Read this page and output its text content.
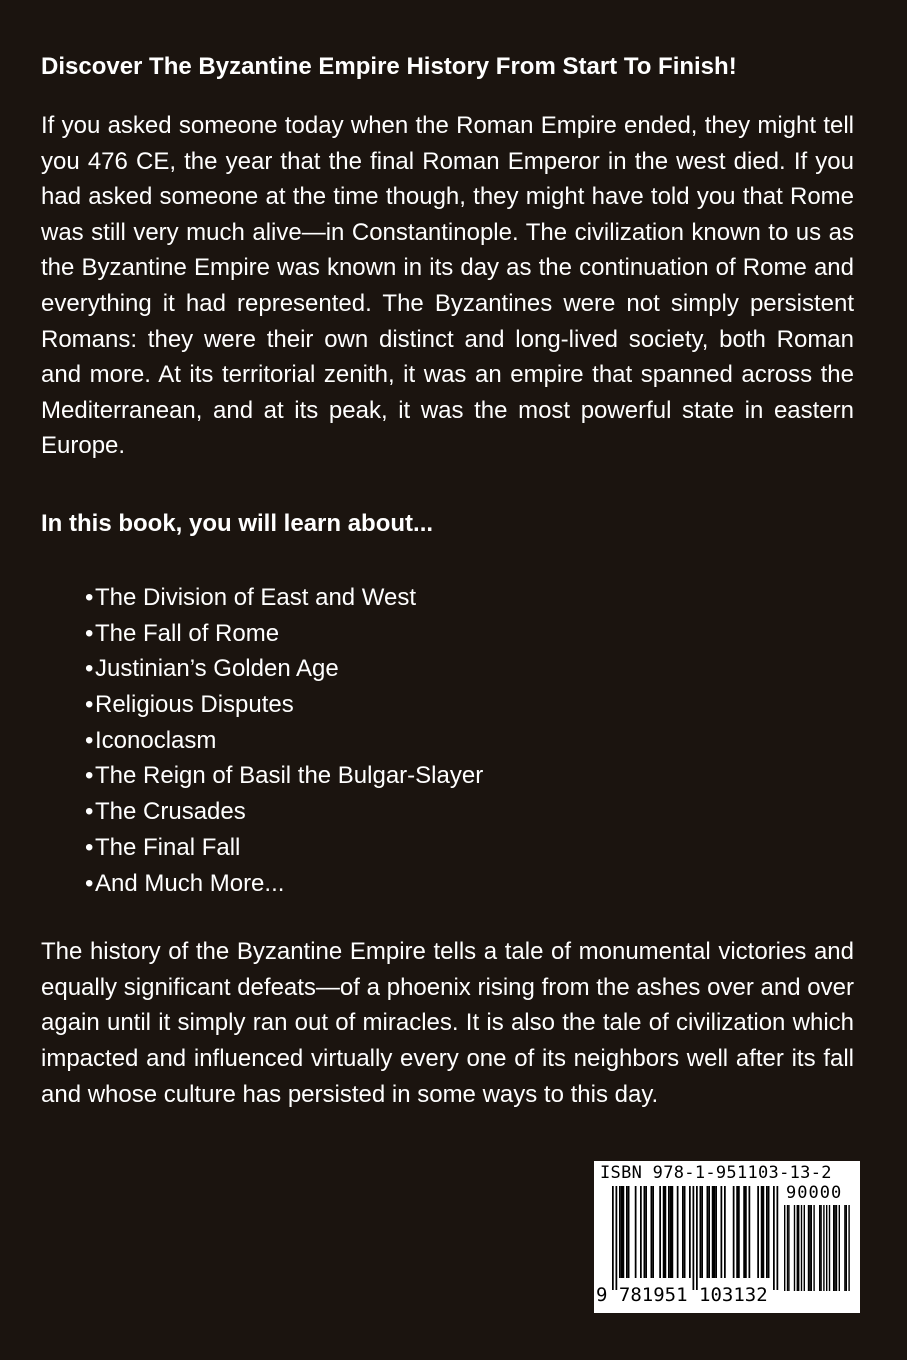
Discover The Byzantine Empire History From Start To Finish!

If you asked someone today when the Roman Empire ended, they might tell you 476 CE, the year that the final Roman Emperor in the west died. If you had asked someone at the time though, they might have told you that Rome was still very much alive—in Constantinople. The civilization known to us as the Byzantine Empire was known in its day as the continuation of Rome and everything it had represented. The Byzantines were not simply persistent Romans: they were their own distinct and long-lived society, both Roman and more. At its territorial zenith, it was an empire that spanned across the Mediterranean, and at its peak, it was the most powerful state in eastern Europe.

In this book, you will learn about...

•The Division of East and West
•The Fall of Rome
•Justinian’s Golden Age
•Religious Disputes
•Iconoclasm
•The Reign of Basil the Bulgar-Slayer
•The Crusades
•The Final Fall
•And Much More...

The history of the Byzantine Empire tells a tale of monumental victories and equally significant defeats—of a phoenix rising from the ashes over and over again until it simply ran out of miracles. It is also the tale of civilization which impacted and influenced virtually every one of its neighbors well after its fall and whose culture has persisted in some ways to this day.

ISBN 978-1-951103-13-2
90000
9 781951 103132
